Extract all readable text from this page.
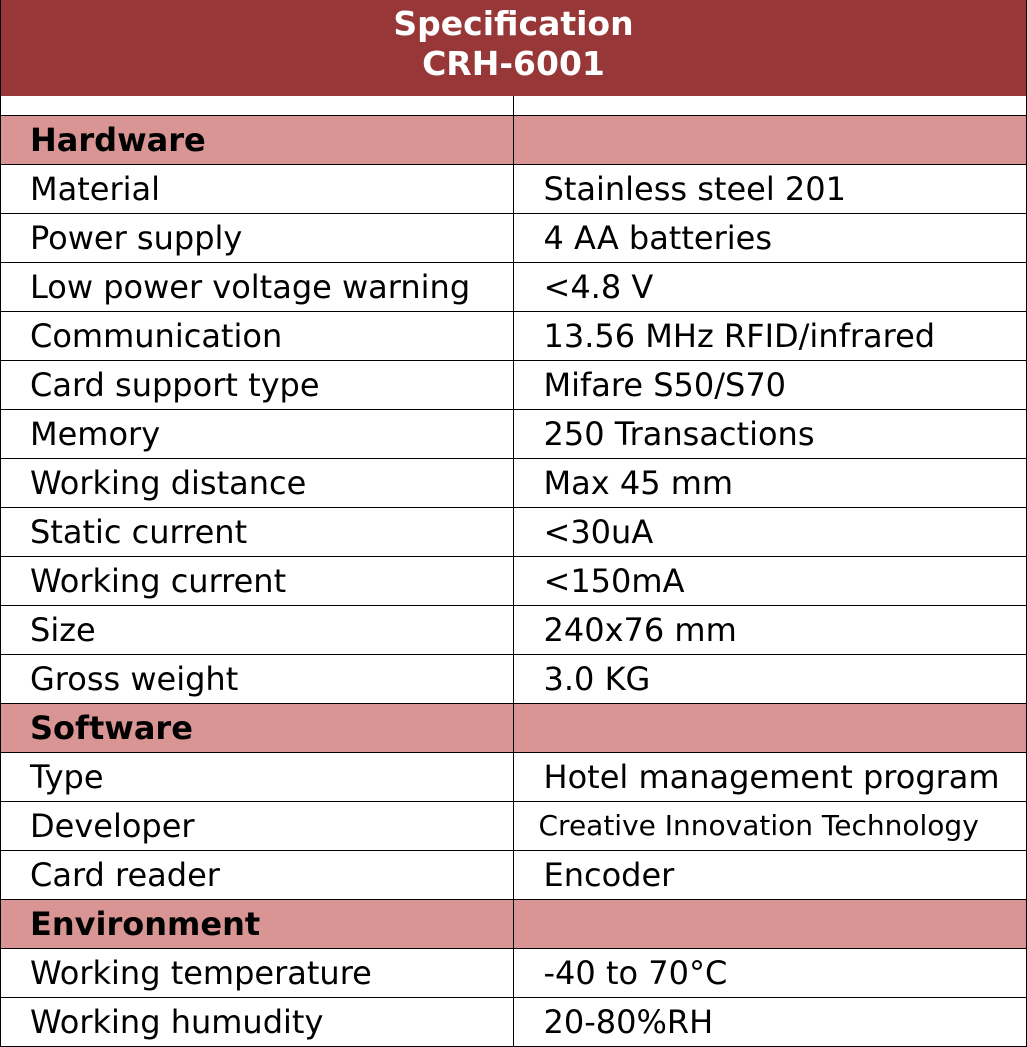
Specification
CRH-6001
Hardware	
Material	Stainless steel 201
Power supply	4 AA batteries
Low power voltage warning	<4.8 V
Communication	13.56 MHz RFID/infrared
Card support type	Mifare S50/S70
Memory	250 Transactions
Working distance	Max 45 mm
Static current	<30uA
Working current	<150mA
Size	240x76 mm
Gross weight	3.0 KG
Software	
Type	Hotel management program
Developer	Creative Innovation Technology
Card reader	Encoder
Environment	
Working temperature	-40 to 70°C
Working humudity	20-80%RH
